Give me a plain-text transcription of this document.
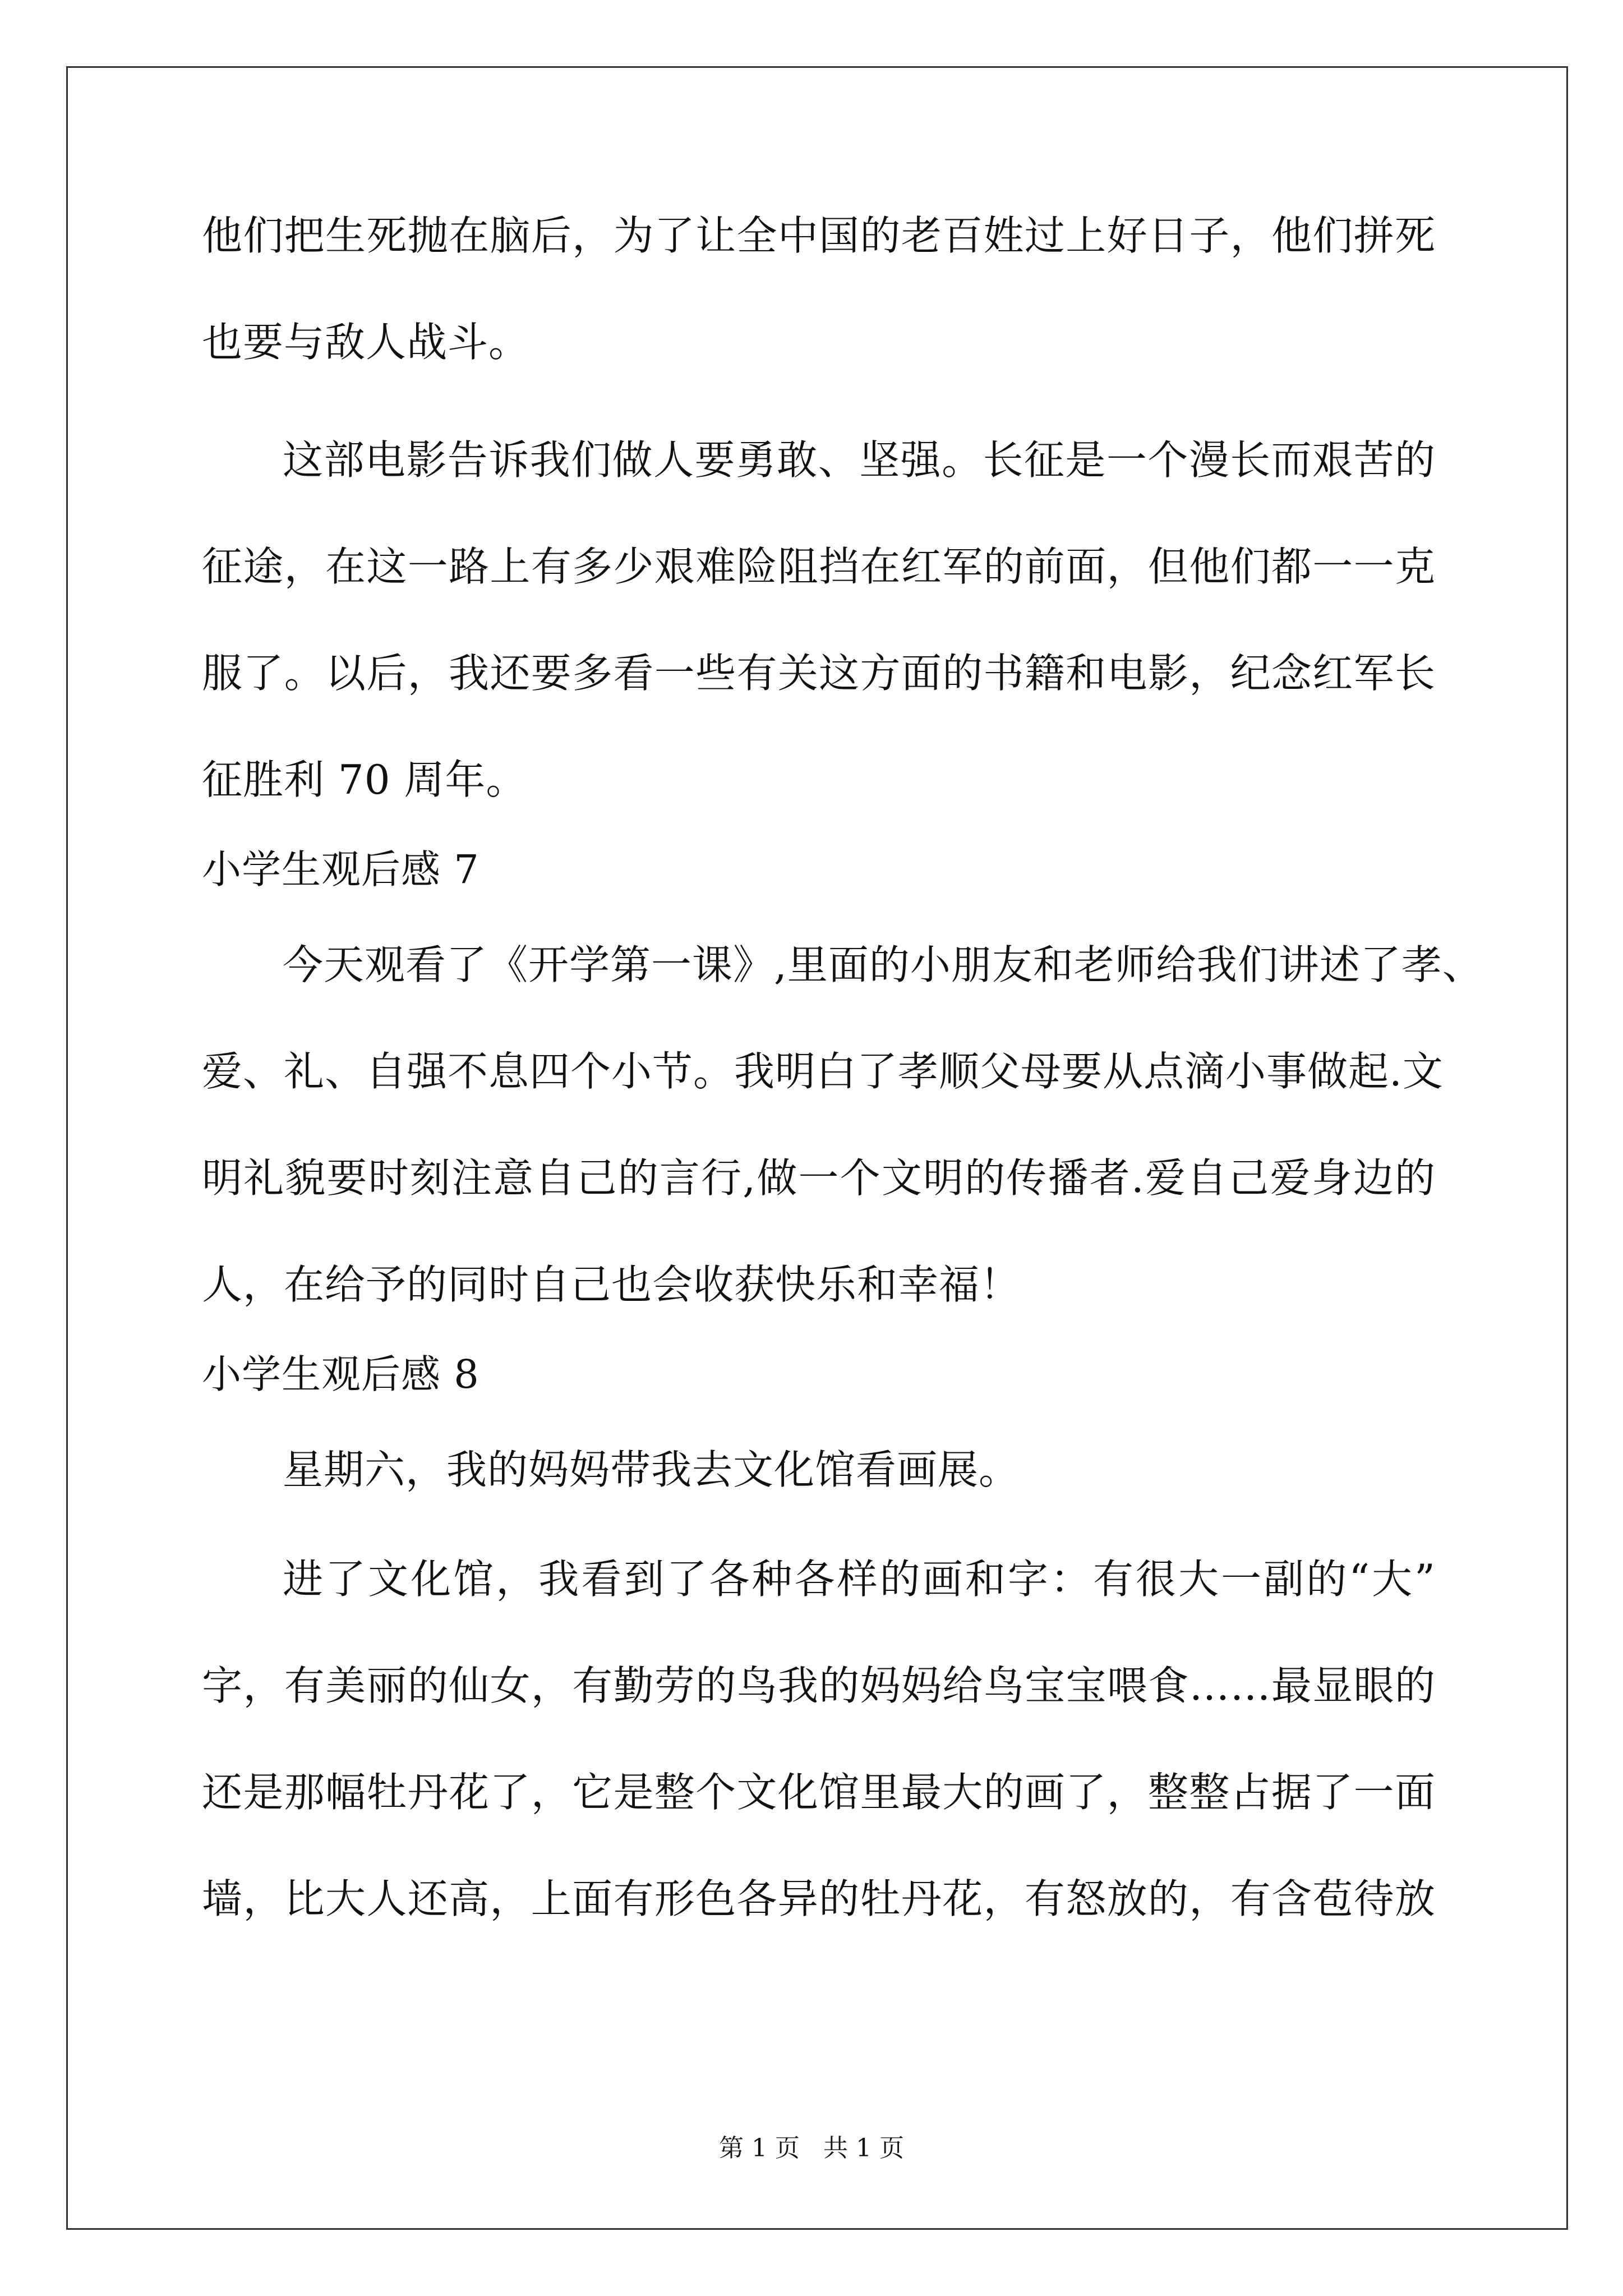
他们把生死抛在脑后，为了让全中国的老百姓过上好日子，他们拼死
也要与敌人战斗。
这部电影告诉我们做人要勇敢、坚强。长征是一个漫长而艰苦的
征途，在这一路上有多少艰难险阻挡在红军的前面，但他们都一一克
服了。以后，我还要多看一些有关这方面的书籍和电影，纪念红军长
征胜利 70 周年。
小学生观后感 7
今天观看了《开学第一课》,里面的小朋友和老师给我们讲述了孝、
爱、礼、自强不息四个小节。我明白了孝顺父母要从点滴小事做起.文
明礼貌要时刻注意自己的言行,做一个文明的传播者.爱自己爱身边的
人，在给予的同时自己也会收获快乐和幸福！
小学生观后感 8
星期六，我的妈妈带我去文化馆看画展。
进了文化馆，我看到了各种各样的画和字：有很大一副的“大”
字，有美丽的仙女，有勤劳的鸟我的妈妈给鸟宝宝喂食……最显眼的
还是那幅牡丹花了，它是整个文化馆里最大的画了，整整占据了一面
墙，比大人还高，上面有形色各异的牡丹花，有怒放的，有含苞待放
第 1 页   共 1 页
